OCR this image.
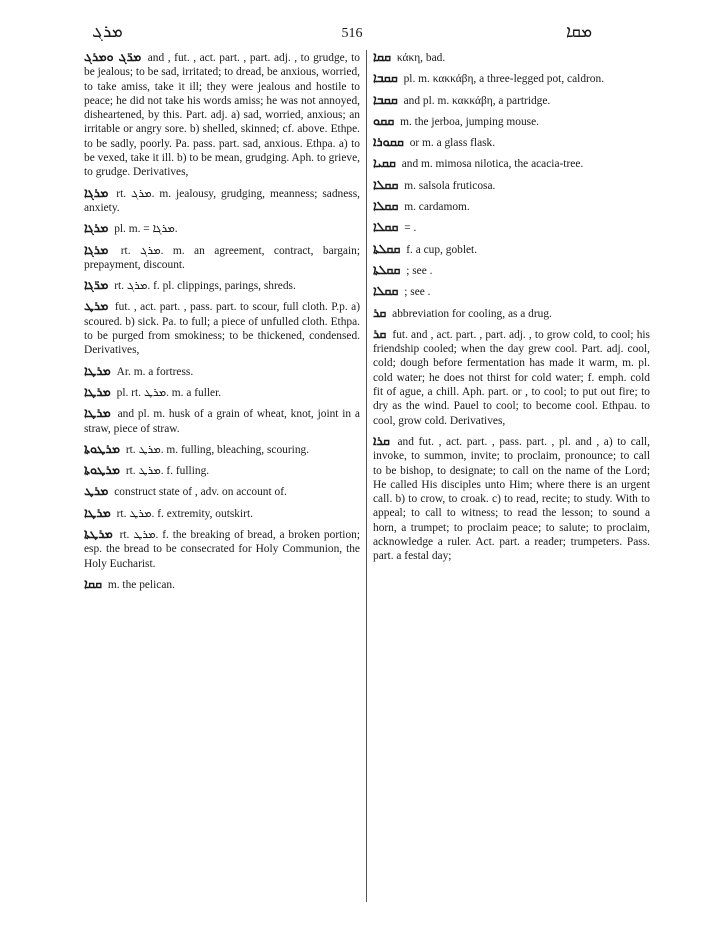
ܡܪܓ	516	ܡܩܐ

ܡܪ̈ܓ ܘܡܪܓ and , fut. , act. part. , part. adj. , to grudge, to be jealous; to be sad, irritated; to dread, be anxious, worried, to take amiss, take it ill; they were jealous and hostile to peace; he did not take his words amiss; he was not annoyed, disheartened, by this. Part. adj. a) sad, worried, anxious; an irritable or angry sore. b) shelled, skinned; cf. above. Ethpe. to be sadly, poorly. Pa. pass. part. sad, anxious. Ethpa. a) to be vexed, take it ill. b) to be mean, grudging. Aph. to grieve, to grudge. Derivatives,

ܡܪܓܐ rt. ܡܪܓ. m. jealousy, grudging, meanness; sadness, anxiety.

ܡܪܓܐ pl. m. = ܡܪܓܐ.

ܡܪܓܐ rt. ܡܪܓ. m. an agreement, contract, bargain; prepayment, discount.

ܡܪ̈ܓܐ rt. ܡܪܓ. f. pl. clippings, parings, shreds.

ܡܪܛ fut. , act. part. , pass. part. to scour, full cloth. P.p. a) scoured. b) sick. Pa. to full; a piece of unfulled cloth. Ethpa. to be purged from smokiness; to be thickened, condensed. Derivatives,

ܡܪܛܐ Ar. m. a fortress.

ܡܪܛܐ pl. rt. ܡܪܛ. m. a fuller.

ܡܪܛܐ and pl. m. husk of a grain of wheat, knot, joint in a straw, piece of straw.

ܡܪܛܘܬܐ rt. ܡܪܛ. m. fulling, bleaching, scouring.

ܡܪܛܘܬܐ rt. ܡܪܛ. f. fulling.

ܡܪܛ construct state of , adv. on account of.

ܡܪܛܐ rt. ܡܪܛ. f. extremity, outskirt.

ܡܪܛܬܐ rt. ܡܪܛ. f. the breaking of bread, a broken portion; esp. the bread to be consecrated for Holy Communion, the Holy Eucharist.

ܩܩܐ m. the pelican.

ܩܩܐ κάκη, bad.

ܩܩܒܐ pl. m. κακκάβη, a three-legged pot, caldron.

ܩܩܒܐ and pl. m. κακκάβη, a partridge.

ܩܩܘ m. the jerboa, jumping mouse.

ܩܩܘܪܐ or m. a glass flask.

ܩܩܝܐ and m. mimosa nilotica, the acacia-tree.

ܩܩܠܐ m. salsola fruticosa.

ܩܩܠܐ m. cardamom.

ܩܩܠܐ = .

ܩܩܠܬܐ f. a cup, goblet.

ܩܩܠܬܐ ; see .

ܩܩܠܐ ; see .

ܩܪ abbreviation for cooling, as a drug.

ܩܪ fut. and , act. part. , part. adj. , to grow cold, to cool; his friendship cooled; when the day grew cool. Part. adj. cool, cold; dough before fermentation has made it warm, m. pl. cold water; he does not thirst for cold water; f. emph. cold fit of ague, a chill. Aph. part. or , to cool; to put out fire; to dry as the wind. Pauel to cool; to become cool. Ethpau. to cool, grow cold. Derivatives,

ܩܪܐ and fut. , act. part. , pass. part. , pl. and , a) to call, invoke, to summon, invite; to proclaim, pronounce; to call to be bishop, to designate; to call on the name of the Lord; He called His disciples unto Him; where there is an urgent call. b) to crow, to croak. c) to read, recite; to study. With to appeal; to call to witness; to read the lesson; to sound a horn, a trumpet; to proclaim peace; to salute; to proclaim, acknowledge a ruler. Act. part. a reader; trumpeters. Pass. part. a festal day;
